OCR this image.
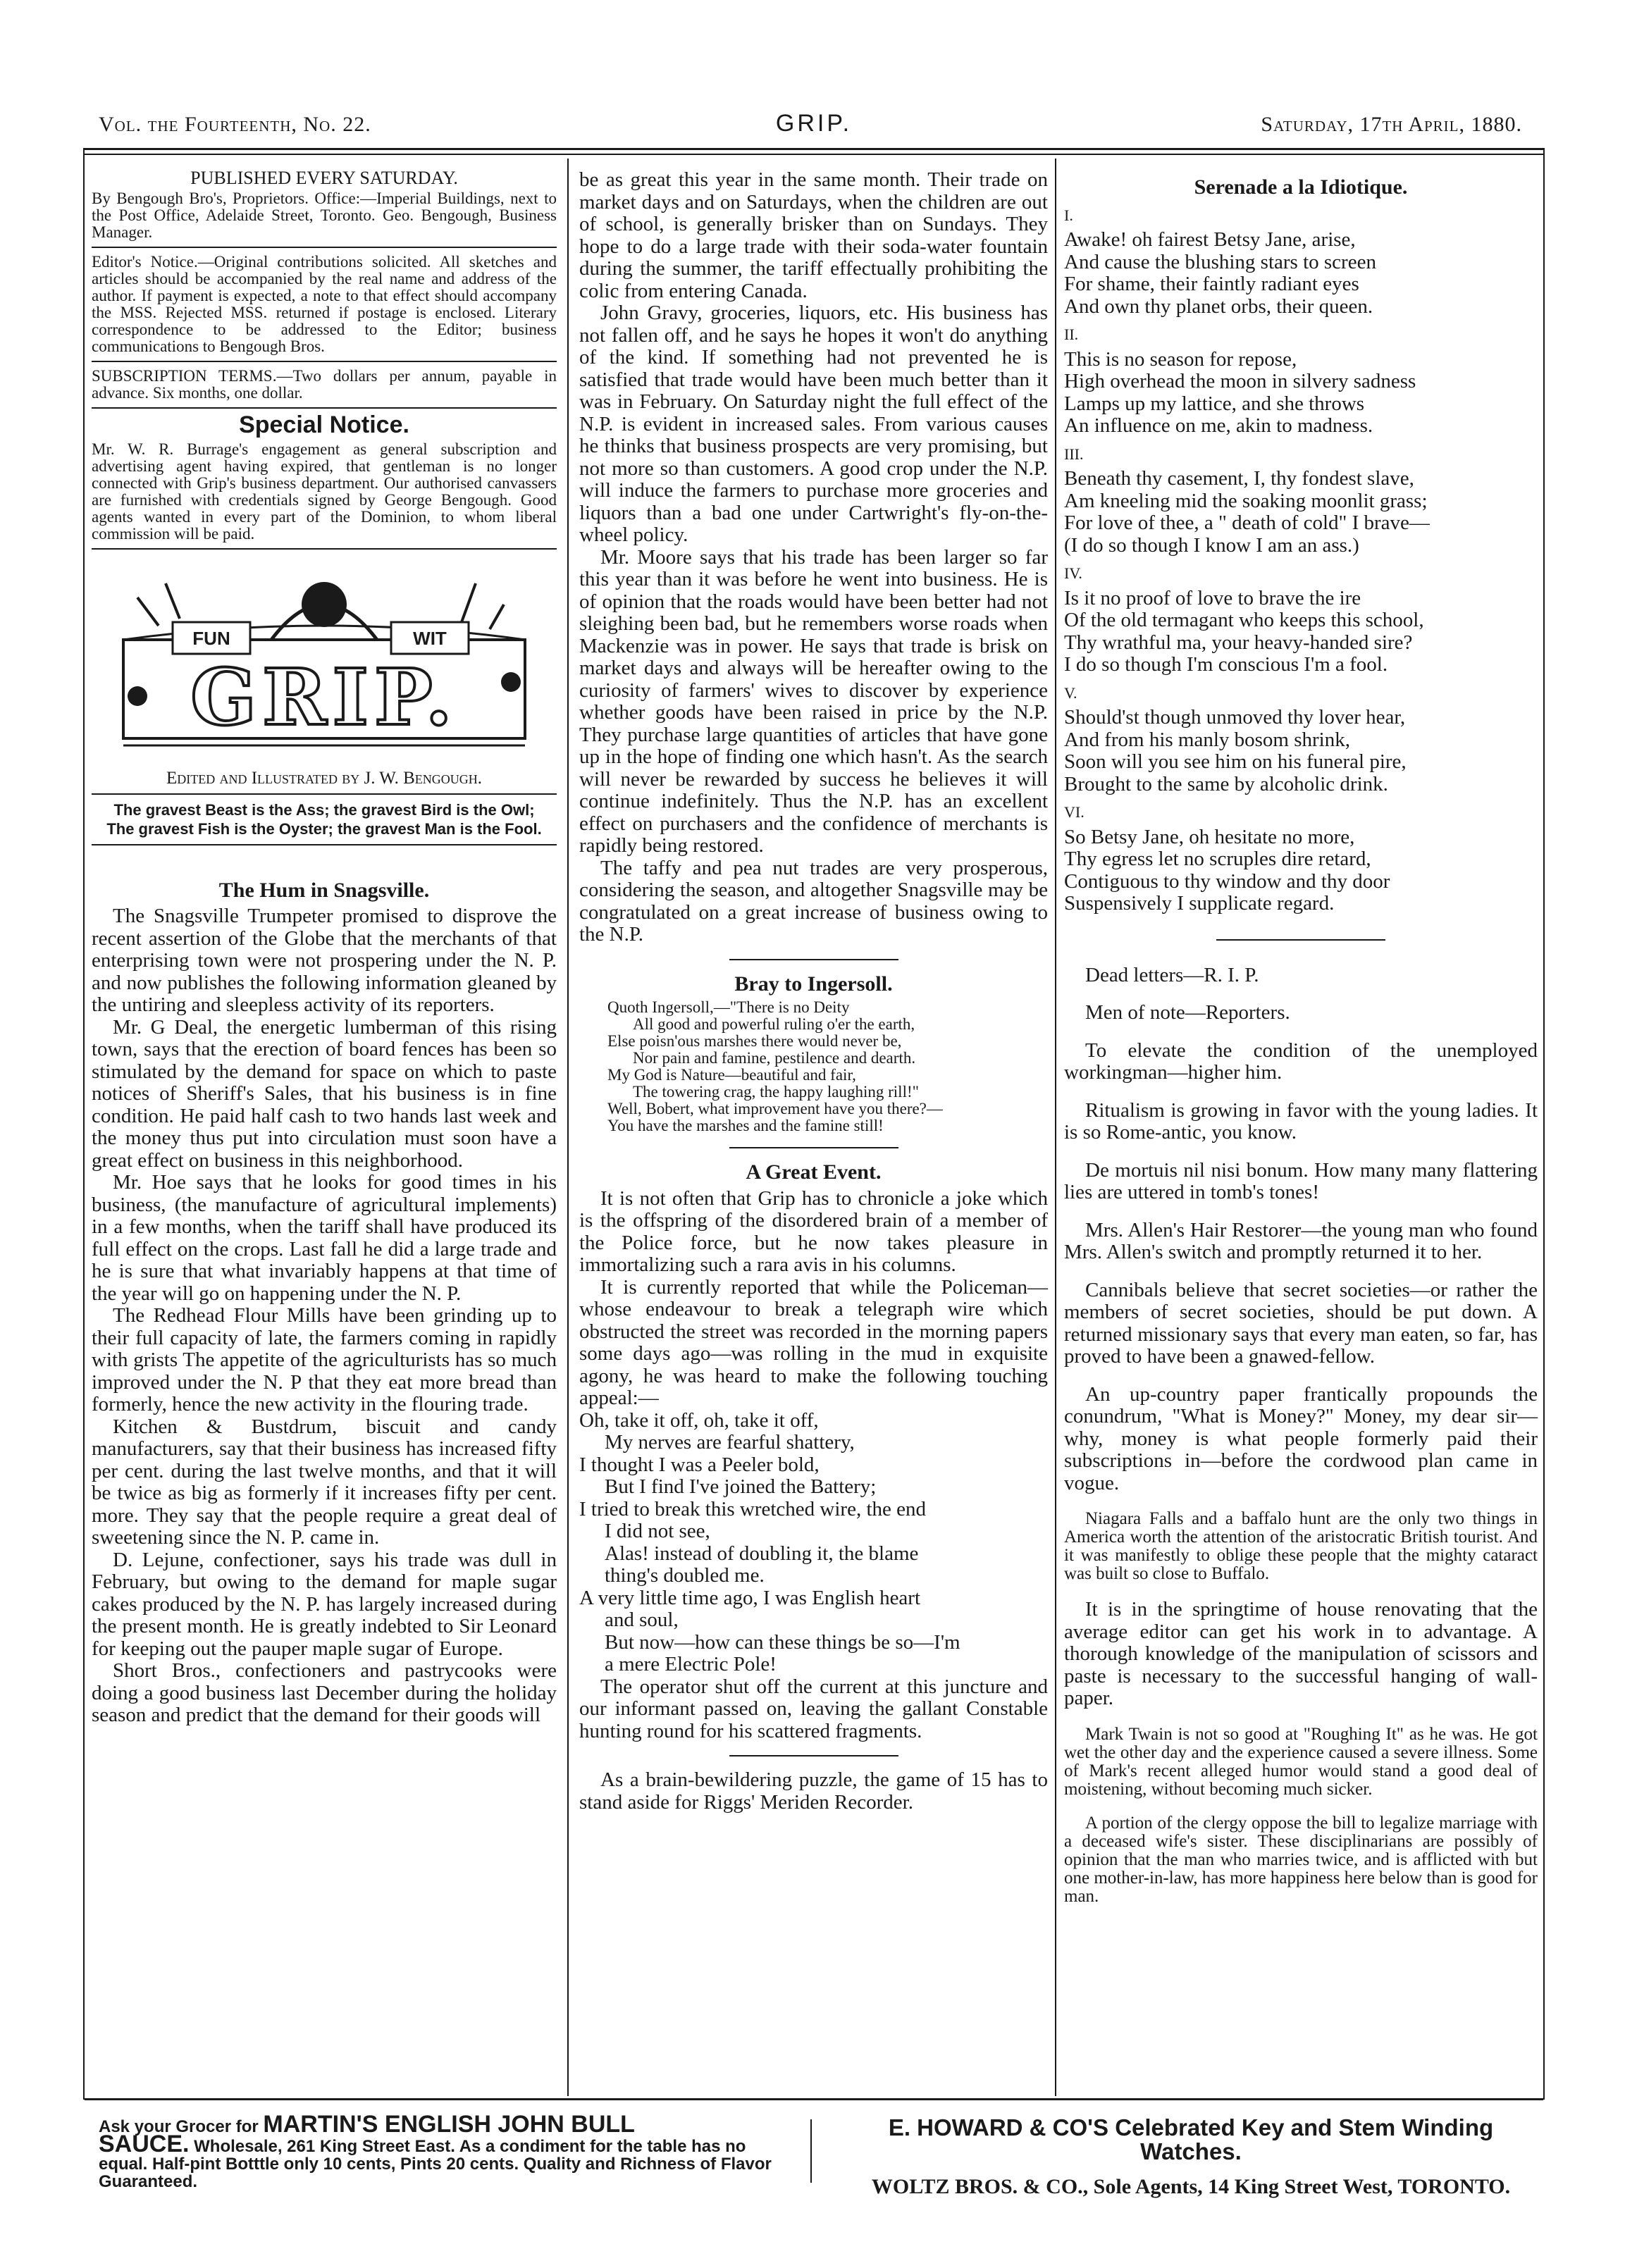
Vol. the Fourteenth, No. 22.	GRIP.	Saturday, 17th April, 1880.

PUBLISHED EVERY SATURDAY.

By Bengough Bro's, Proprietors. Office:—Imperial Buildings, next to the Post Office, Adelaide Street, Toronto. Geo. Bengough, Business Manager.

Editor's Notice.—Original contributions solicited. All sketches and articles should be accompanied by the real name and address of the author. If payment is expected, a note to that effect should accompany the MSS. Rejected MSS. returned if postage is enclosed. Literary correspondence to be addressed to the Editor; business communications to Bengough Bros.

SUBSCRIPTION TERMS.—Two dollars per annum, payable in advance. Six months, one dollar.

Special Notice.

Mr. W. R. Burrage's engagement as general subscription and advertising agent having expired, that gentleman is no longer connected with Grip's business department. Our authorised canvassers are furnished with credentials signed by George Bengough. Good agents wanted in every part of the Dominion, to whom liberal commission will be paid.

FUN	WIT
GRIP.

Edited and Illustrated by J. W. Bengough.

The gravest Beast is the Ass; the gravest Bird is the Owl;

The gravest Fish is the Oyster; the gravest Man is the Fool.

The Hum in Snagsville.

The Snagsville Trumpeter promised to disprove the recent assertion of the Globe that the merchants of that enterprising town were not prospering under the N. P. and now publishes the following information gleaned by the untiring and sleepless activity of its reporters.

Mr. G Deal, the energetic lumberman of this rising town, says that the erection of board fences has been so stimulated by the demand for space on which to paste notices of Sheriff's Sales, that his business is in fine condition. He paid half cash to two hands last week and the money thus put into circulation must soon have a great effect on business in this neighborhood.

Mr. Hoe says that he looks for good times in his business, (the manufacture of agricultural implements) in a few months, when the tariff shall have produced its full effect on the crops. Last fall he did a large trade and he is sure that what invariably happens at that time of the year will go on happening under the N. P.

The Redhead Flour Mills have been grinding up to their full capacity of late, the farmers coming in rapidly with grists The appetite of the agriculturists has so much improved under the N. P that they eat more bread than formerly, hence the new activity in the flouring trade.

Kitchen & Bustdrum, biscuit and candy manufacturers, say that their business has increased fifty per cent. during the last twelve months, and that it will be twice as big as formerly if it increases fifty per cent. more. They say that the people require a great deal of sweetening since the N. P. came in.

D. Lejune, confectioner, says his trade was dull in February, but owing to the demand for maple sugar cakes produced by the N. P. has largely increased during the present month. He is greatly indebted to Sir Leonard for keeping out the pauper maple sugar of Europe.

Short Bros., confectioners and pastrycooks were doing a good business last December during the holiday season and predict that the demand for their goods will

be as great this year in the same month. Their trade on market days and on Saturdays, when the children are out of school, is generally brisker than on Sundays. They hope to do a large trade with their soda-water fountain during the summer, the tariff effectually prohibiting the colic from entering Canada.

John Gravy, groceries, liquors, etc. His business has not fallen off, and he says he hopes it won't do anything of the kind. If something had not prevented he is satisfied that trade would have been much better than it was in February. On Saturday night the full effect of the N.P. is evident in increased sales. From various causes he thinks that business prospects are very promising, but not more so than customers. A good crop under the N.P. will induce the farmers to purchase more groceries and liquors than a bad one under Cartwright's fly-on-the-wheel policy.

Mr. Moore says that his trade has been larger so far this year than it was before he went into business. He is of opinion that the roads would have been better had not sleighing been bad, but he remembers worse roads when Mackenzie was in power. He says that trade is brisk on market days and always will be hereafter owing to the curiosity of farmers' wives to discover by experience whether goods have been raised in price by the N.P. They purchase large quantities of articles that have gone up in the hope of finding one which hasn't. As the search will never be rewarded by success he believes it will continue indefinitely. Thus the N.P. has an excellent effect on purchasers and the confidence of merchants is rapidly being restored.

The taffy and pea nut trades are very prosperous, considering the season, and altogether Snagsville may be congratulated on a great increase of business owing to the N.P.

Bray to Ingersoll.

Quoth Ingersoll,—"There is no Deity

All good and powerful ruling o'er the earth,

Else poisn'ous marshes there would never be,

Nor pain and famine, pestilence and dearth.

My God is Nature—beautiful and fair,

The towering crag, the happy laughing rill!"

Well, Bobert, what improvement have you there?—

You have the marshes and the famine still!

A Great Event.

It is not often that Grip has to chronicle a joke which is the offspring of the disordered brain of a member of the Police force, but he now takes pleasure in immortalizing such a rara avis in his columns.

It is currently reported that while the Policeman—whose endeavour to break a telegraph wire which obstructed the street was recorded in the morning papers some days ago—was rolling in the mud in exquisite agony, he was heard to make the following touching appeal:—

Oh, take it off, oh, take it off,

My nerves are fearful shattery,

I thought I was a Peeler bold,

But I find I've joined the Battery;

I tried to break this wretched wire, the end

I did not see,

Alas! instead of doubling it, the blame

thing's doubled me.

A very little time ago, I was English heart

and soul,

But now—how can these things be so—I'm

a mere Electric Pole!

The operator shut off the current at this juncture and our informant passed on, leaving the gallant Constable hunting round for his scattered fragments.

As a brain-bewildering puzzle, the game of 15 has to stand aside for Riggs' Meriden Recorder.

Serenade a la Idiotique.

I.

Awake! oh fairest Betsy Jane, arise,

And cause the blushing stars to screen

For shame, their faintly radiant eyes

And own thy planet orbs, their queen.

II.

This is no season for repose,

High overhead the moon in silvery sadness

Lamps up my lattice, and she throws

An influence on me, akin to madness.

III.

Beneath thy casement, I, thy fondest slave,

Am kneeling mid the soaking moonlit grass;

For love of thee, a " death of cold" I brave—

(I do so though I know I am an ass.)

IV.

Is it no proof of love to brave the ire

Of the old termagant who keeps this school,

Thy wrathful ma, your heavy-handed sire?

I do so though I'm conscious I'm a fool.

V.

Should'st though unmoved thy lover hear,

And from his manly bosom shrink,

Soon will you see him on his funeral pire,

Brought to the same by alcoholic drink.

VI.

So Betsy Jane, oh hesitate no more,

Thy egress let no scruples dire retard,

Contiguous to thy window and thy door

Suspensively I supplicate regard.

Dead letters—R. I. P.

Men of note—Reporters.

To elevate the condition of the unemployed workingman—higher him.

Ritualism is growing in favor with the young ladies. It is so Rome-antic, you know.

De mortuis nil nisi bonum. How many many flattering lies are uttered in tomb's tones!

Mrs. Allen's Hair Restorer—the young man who found Mrs. Allen's switch and promptly returned it to her.

Cannibals believe that secret societies—or rather the members of secret societies, should be put down. A returned missionary says that every man eaten, so far, has proved to have been a gnawed-fellow.

An up-country paper frantically propounds the conundrum, "What is Money?" Money, my dear sir—why, money is what people formerly paid their subscriptions in—before the cordwood plan came in vogue.

Niagara Falls and a baffalo hunt are the only two things in America worth the attention of the aristocratic British tourist. And it was manifestly to oblige these people that the mighty cataract was built so close to Buffalo.

It is in the springtime of house renovating that the average editor can get his work in to advantage. A thorough knowledge of the manipulation of scissors and paste is necessary to the successful hanging of wall-paper.

Mark Twain is not so good at "Roughing It" as he was. He got wet the other day and the experience caused a severe illness. Some of Mark's recent alleged humor would stand a good deal of moistening, without becoming much sicker.

A portion of the clergy oppose the bill to legalize marriage with a deceased wife's sister. These disciplinarians are possibly of opinion that the man who marries twice, and is afflicted with but one mother-in-law, has more happiness here below than is good for man.

Ask your Grocer for MARTIN'S ENGLISH JOHN BULL
SAUCE. Wholesale, 261 King Street East. As a condiment for the table has no equal. Half-pint Botttle only 10 cents, Pints 20 cents. Quality and Richness of Flavor Guaranteed.

E. HOWARD & CO'S Celebrated Key and Stem Winding Watches.

WOLTZ BROS. & CO., Sole Agents, 14 King Street West, TORONTO.
